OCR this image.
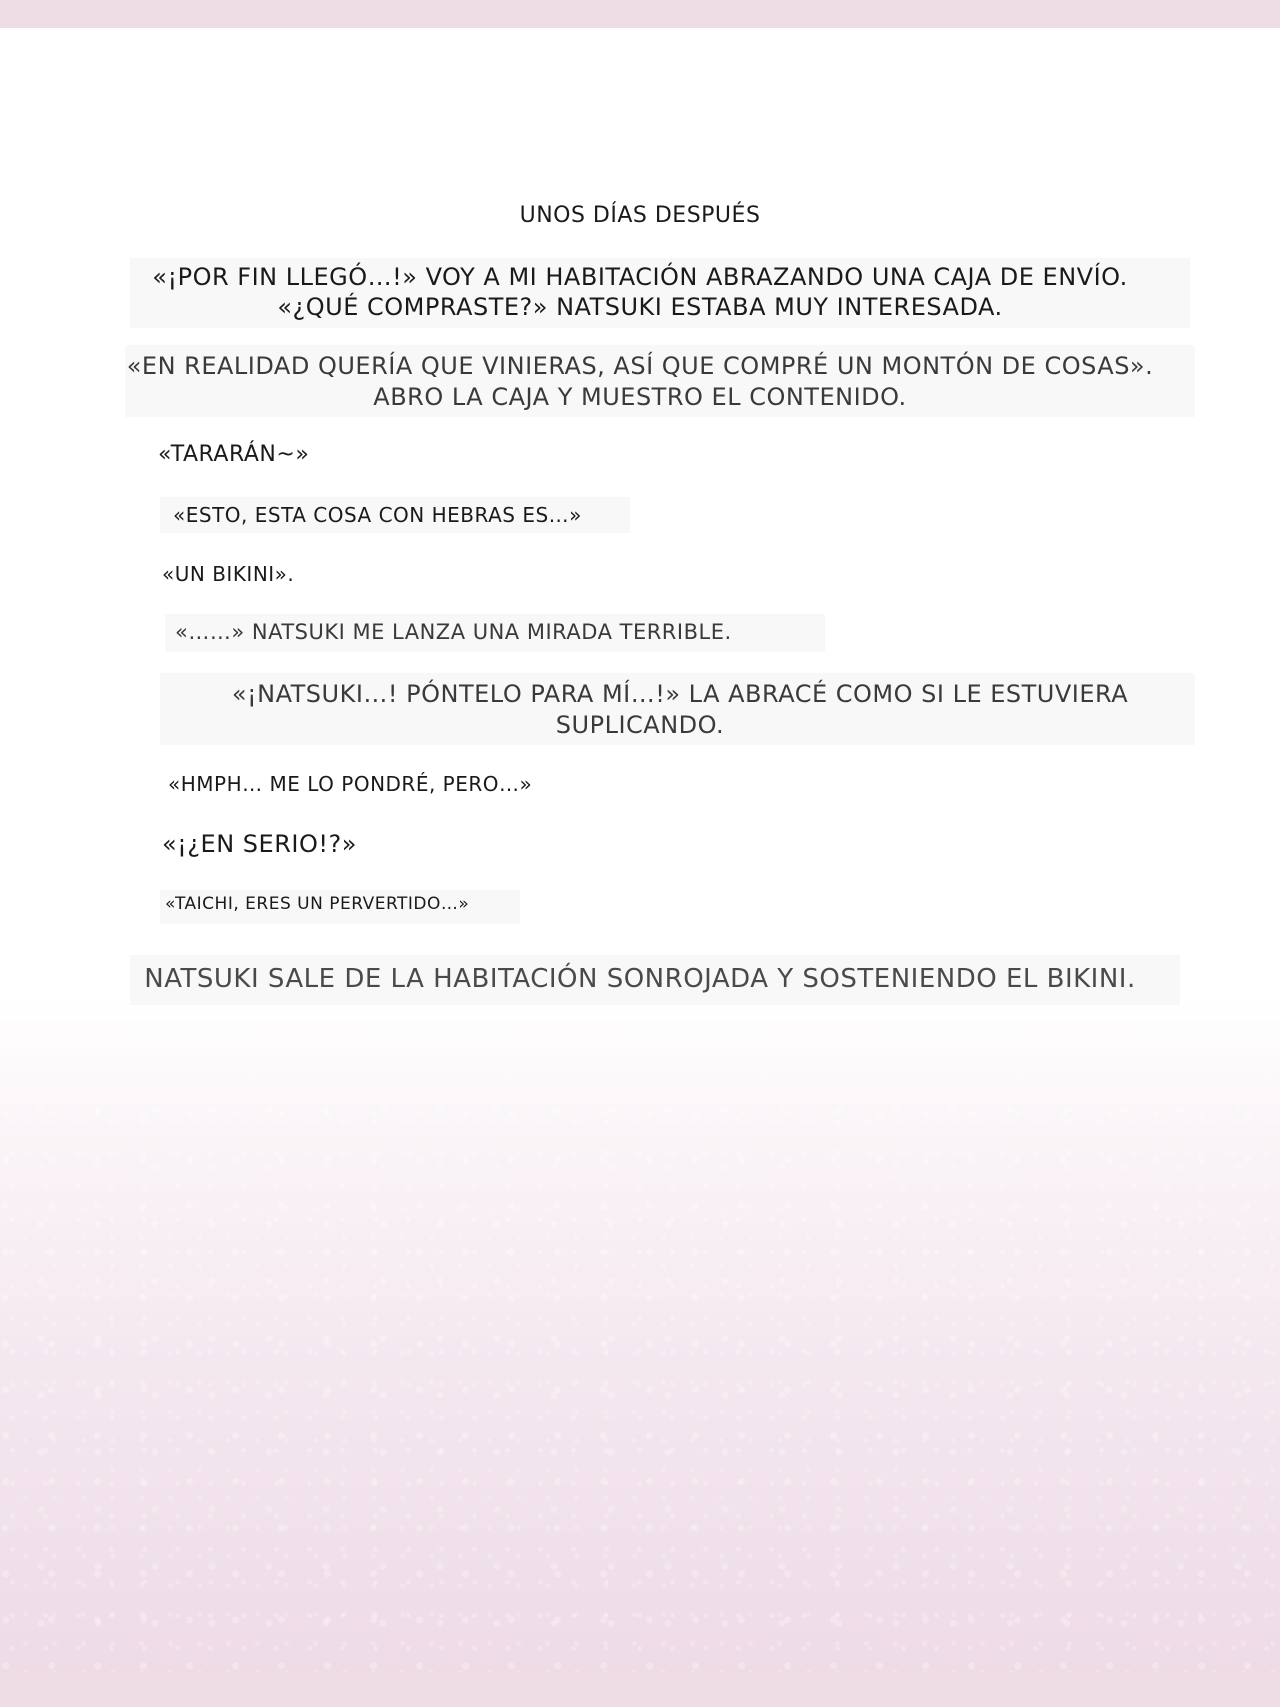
UNOS DÍAS DESPUÉS

«¡POR FIN LLEGÓ…!» VOY A MI HABITACIÓN ABRAZANDO UNA CAJA DE ENVÍO.

«¿QUÉ COMPRASTE?» NATSUKI ESTABA MUY INTERESADA.

«EN REALIDAD QUERÍA QUE VINIERAS, ASÍ QUE COMPRÉ UN MONTÓN DE COSAS».

ABRO LA CAJA Y MUESTRO EL CONTENIDO.

«TARARÁN~»

«ESTO, ESTA COSA CON HEBRAS ES…»

«UN BIKINI».

«……» NATSUKI ME LANZA UNA MIRADA TERRIBLE.

«¡NATSUKI…! PÓNTELO PARA MÍ…!» LA ABRACÉ COMO SI LE ESTUVIERA

SUPLICANDO.

«HMPH… ME LO PONDRÉ, PERO…»

«¡¿EN SERIO!?»

«TAICHI, ERES UN PERVERTIDO…»

NATSUKI SALE DE LA HABITACIÓN SONROJADA Y SOSTENIENDO EL BIKINI.
